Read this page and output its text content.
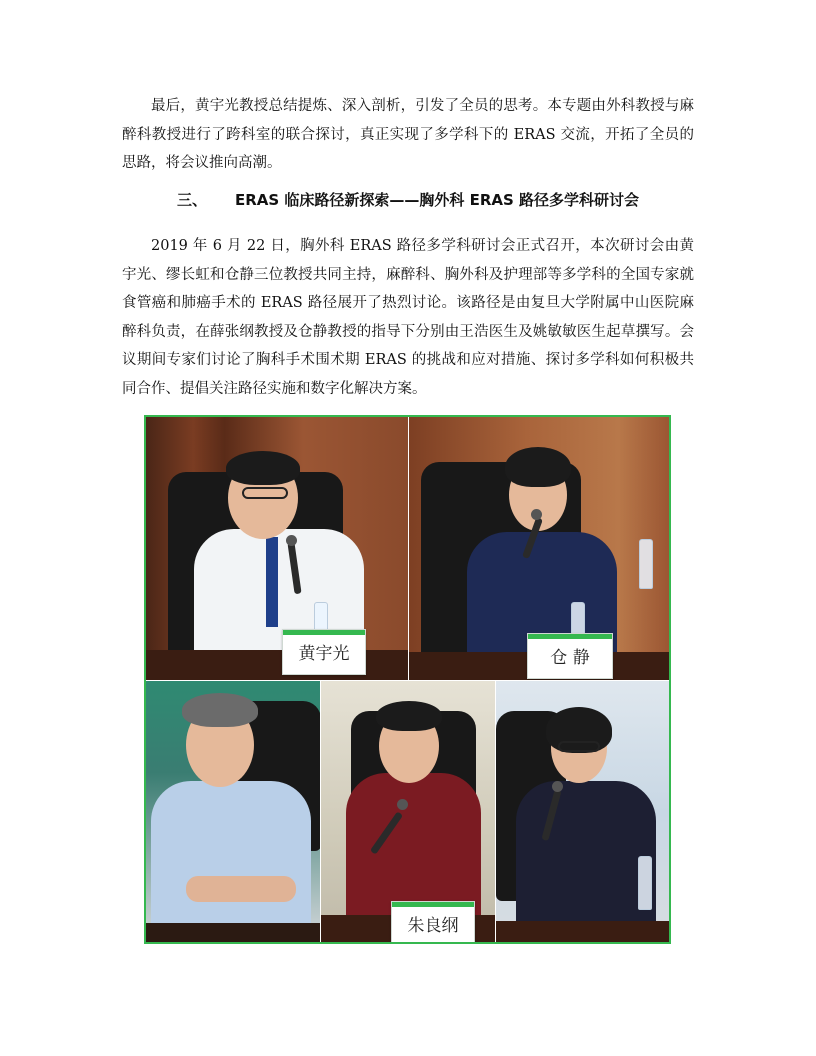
最后，黄宇光教授总结提炼、深入剖析，引发了全员的思考。本专题由外科教授与麻醉科教授进行了跨科室的联合探讨，真正实现了多学科下的 ERAS 交流，开拓了全员的思路，将会议推向高潮。

三、 ERAS 临床路径新探索——胸外科 ERAS 路径多学科研讨会

2019 年 6 月 22 日，胸外科 ERAS 路径多学科研讨会正式召开，本次研讨会由黄宇光、缪长虹和仓静三位教授共同主持，麻醉科、胸外科及护理部等多学科的全国专家就食管癌和肺癌手术的 ERAS 路径展开了热烈讨论。该路径是由复旦大学附属中山医院麻醉科负责，在薛张纲教授及仓静教授的指导下分别由王浩医生及姚敏敏医生起草撰写。会议期间专家们讨论了胸科手术围术期 ERAS 的挑战和应对措施、探讨多学科如何积极共同合作、提倡关注路径实施和数字化解决方案。

黄宇光	仓 静
朱良纲
